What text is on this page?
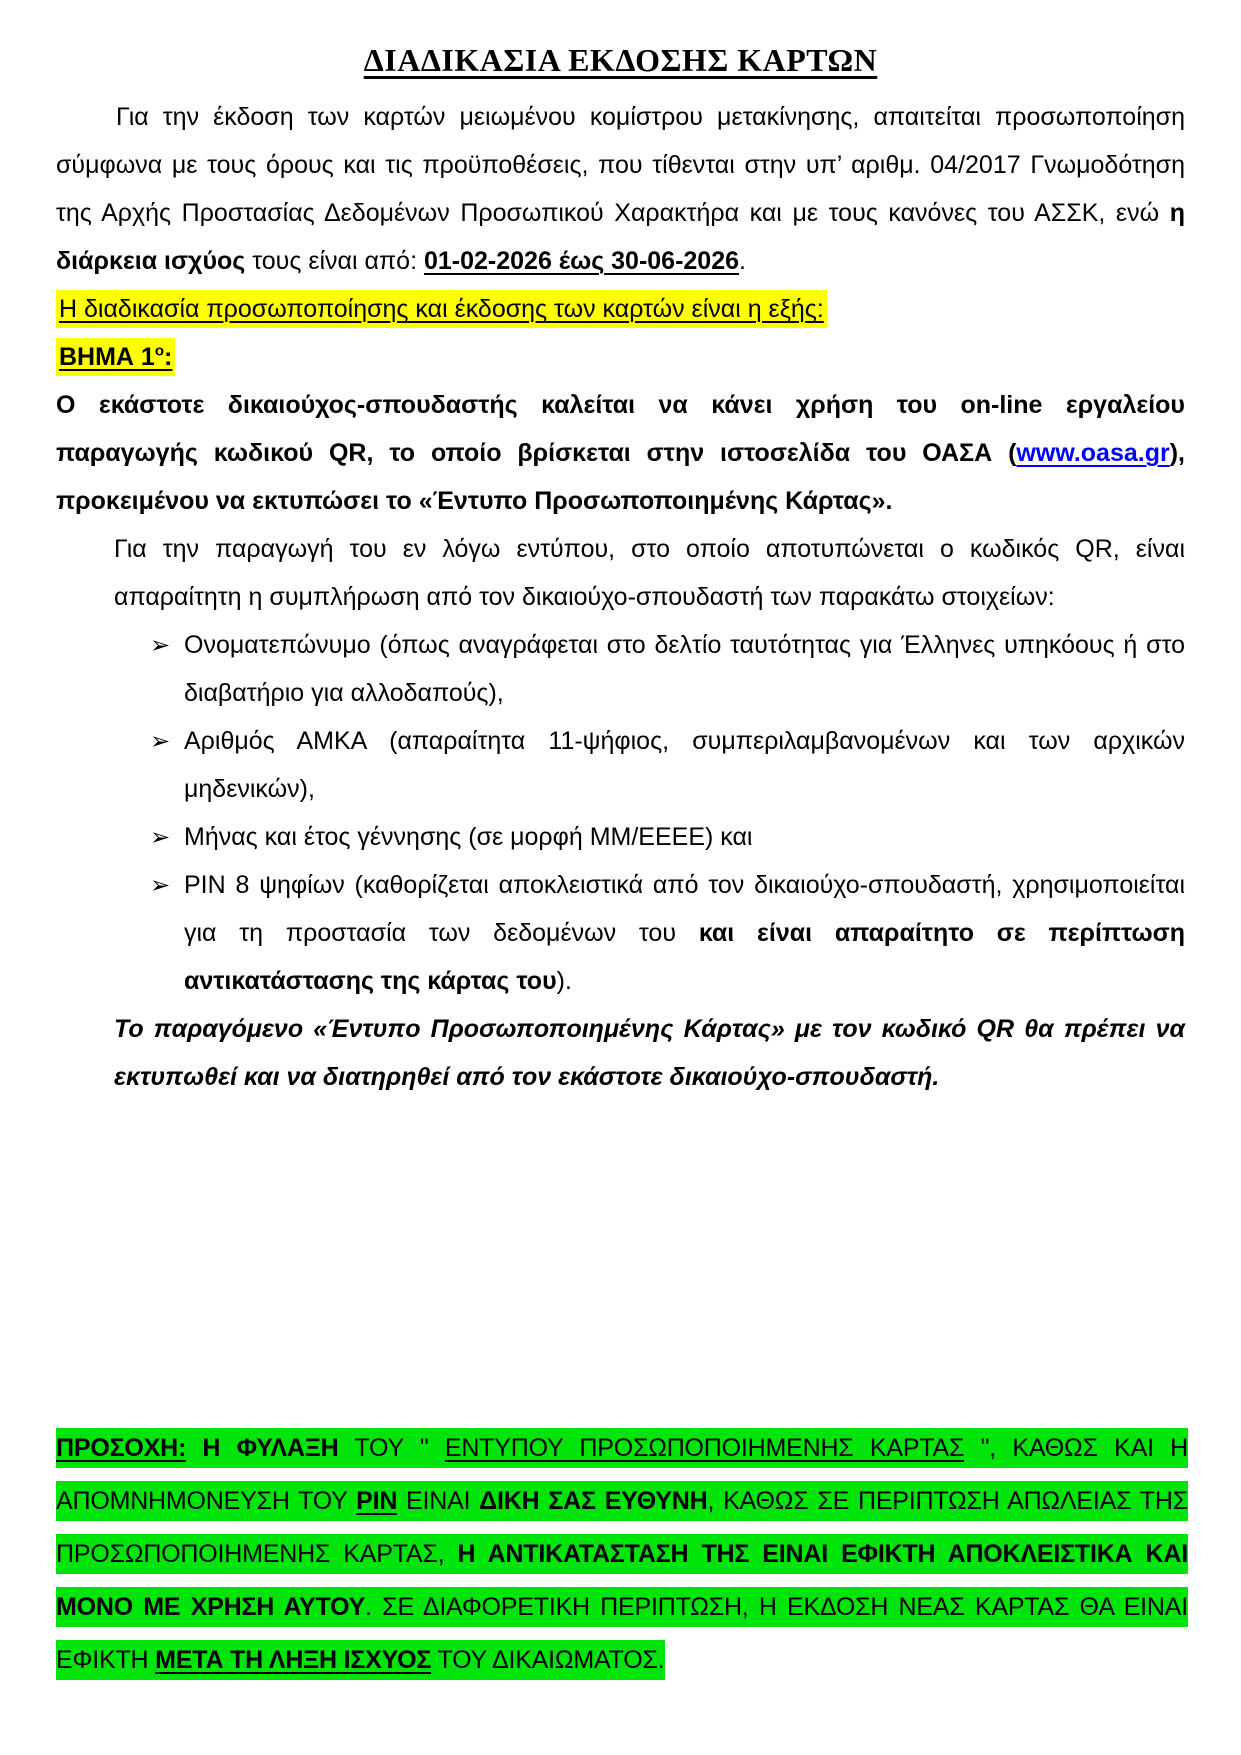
ΔΙΑΔΙΚΑΣΙΑ ΕΚΔΟΣΗΣ ΚΑΡΤΩΝ

Για την έκδοση των καρτών μειωμένου κομίστρου μετακίνησης, απαιτείται προσωποποίηση σύμφωνα με τους όρους και τις προϋποθέσεις, που τίθενται στην υπ’ αριθμ. 04/2017 Γνωμοδότηση της Αρχής Προστασίας Δεδομένων Προσωπικού Χαρακτήρα και με τους κανόνες του ΑΣΣΚ, ενώ η διάρκεια ισχύος τους είναι από: 01-02-2026 έως 30-06-2026.

Η διαδικασία προσωποποίησης και έκδοσης των καρτών είναι η εξής:

ΒΗΜΑ $1^o$:

Ο εκάστοτε δικαιούχος-σπουδαστής καλείται να κάνει χρήση του on-line εργαλείου παραγωγής κωδικού QR, το οποίο βρίσκεται στην ιστοσελίδα του ΟΑΣΑ (www.oasa.gr), προκειμένου να εκτυπώσει το «Έντυπο Προσωποποιημένης Κάρτας».

Για την παραγωγή του εν λόγω εντύπου, στο οποίο αποτυπώνεται ο κωδικός QR, είναι απαραίτητη η συμπλήρωση από τον δικαιούχο-σπουδαστή των παρακάτω στοιχείων:

➢ Ονοματεπώνυμο (όπως αναγράφεται στο δελτίο ταυτότητας για Έλληνες υπηκόους ή στο διαβατήριο για αλλοδαπούς),
➢ Αριθμός ΑΜΚΑ (απαραίτητα 11-ψήφιος, συμπεριλαμβανομένων και των αρχικών μηδενικών),
➢ Μήνας και έτος γέννησης (σε μορφή ΜΜ/ΕΕΕΕ) και
➢ PIN 8 ψηφίων (καθορίζεται αποκλειστικά από τον δικαιούχο-σπουδαστή, χρησιμοποιείται για τη προστασία των δεδομένων του και είναι απαραίτητο σε περίπτωση αντικατάστασης της κάρτας του).

Το παραγόμενο «Έντυπο Προσωποποιημένης Κάρτας» με τον κωδικό QR θα πρέπει να εκτυπωθεί και να διατηρηθεί από τον εκάστοτε δικαιούχο-σπουδαστή.

ΠΡΟΣΟΧΗ: Η ΦΥΛΑΞΗ ΤΟΥ " ΕΝΤΥΠΟΥ ΠΡΟΣΩΠΟΠΟΙΗΜΕΝΗΣ ΚΑΡΤΑΣ ", ΚΑΘΩΣ ΚΑΙ Η ΑΠΟΜΝΗΜΟΝΕΥΣΗ ΤΟΥ PIN ΕΙΝΑΙ ΔΙΚΗ ΣΑΣ ΕΥΘΥΝΗ, ΚΑΘΩΣ ΣΕ ΠΕΡΙΠΤΩΣΗ ΑΠΩΛΕΙΑΣ ΤΗΣ ΠΡΟΣΩΠΟΠΟΙΗΜΕΝΗΣ ΚΑΡΤΑΣ, Η ΑΝΤΙΚΑΤΑΣΤΑΣΗ ΤΗΣ ΕΙΝΑΙ ΕΦΙΚΤΗ ΑΠΟΚΛΕΙΣΤΙΚΑ ΚΑΙ ΜΟΝΟ ΜΕ ΧΡΗΣΗ ΑΥΤΟΥ. ΣΕ ΔΙΑΦΟΡΕΤΙΚΗ ΠΕΡΙΠΤΩΣΗ, Η ΕΚΔΟΣΗ ΝΕΑΣ ΚΑΡΤΑΣ ΘΑ ΕΙΝΑΙ ΕΦΙΚΤΗ ΜΕΤΑ ΤΗ ΛΗΞΗ ΙΣΧΥΟΣ ΤΟΥ ΔΙΚΑΙΩΜΑΤΟΣ.
